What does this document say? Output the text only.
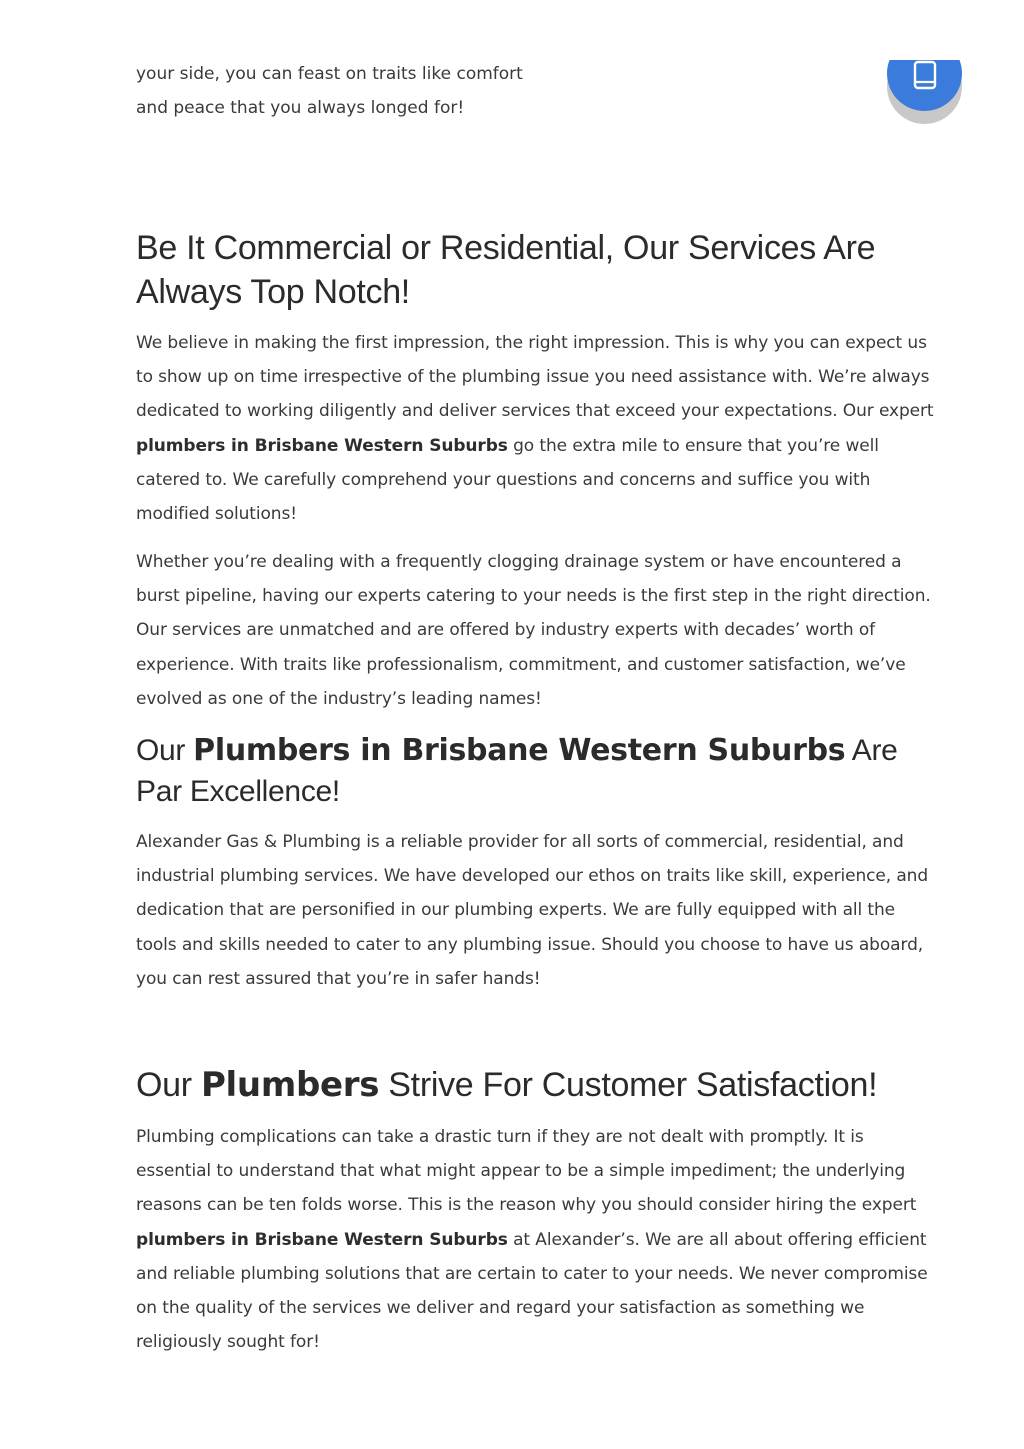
your side, you can feast on traits like comfort and peace that you always longed for!

Be It Commercial or Residential, Our Services Are Always Top Notch!

We believe in making the first impression, the right impression. This is why you can expect us to show up on time irrespective of the plumbing issue you need assistance with. We’re always dedicated to working diligently and deliver services that exceed your expectations. Our expert plumbers in Brisbane Western Suburbs go the extra mile to ensure that you’re well catered to. We carefully comprehend your questions and concerns and suffice you with modified solutions!

Whether you’re dealing with a frequently clogging drainage system or have encountered a burst pipeline, having our experts catering to your needs is the first step in the right direction. Our services are unmatched and are offered by industry experts with decades’ worth of experience. With traits like professionalism, commitment, and customer satisfaction, we’ve evolved as one of the industry’s leading names!

Our Plumbers in Brisbane Western Suburbs Are Par Excellence!

Alexander Gas & Plumbing is a reliable provider for all sorts of commercial, residential, and industrial plumbing services. We have developed our ethos on traits like skill, experience, and dedication that are personified in our plumbing experts. We are fully equipped with all the tools and skills needed to cater to any plumbing issue. Should you choose to have us aboard, you can rest assured that you’re in safer hands!

Our Plumbers Strive For Customer Satisfaction!

Plumbing complications can take a drastic turn if they are not dealt with promptly. It is essential to understand that what might appear to be a simple impediment; the underlying reasons can be ten folds worse. This is the reason why you should consider hiring the expert plumbers in Brisbane Western Suburbs at Alexander’s. We are all about offering efficient and reliable plumbing solutions that are certain to cater to your needs. We never compromise on the quality of the services we deliver and regard your satisfaction as something we religiously sought for!
